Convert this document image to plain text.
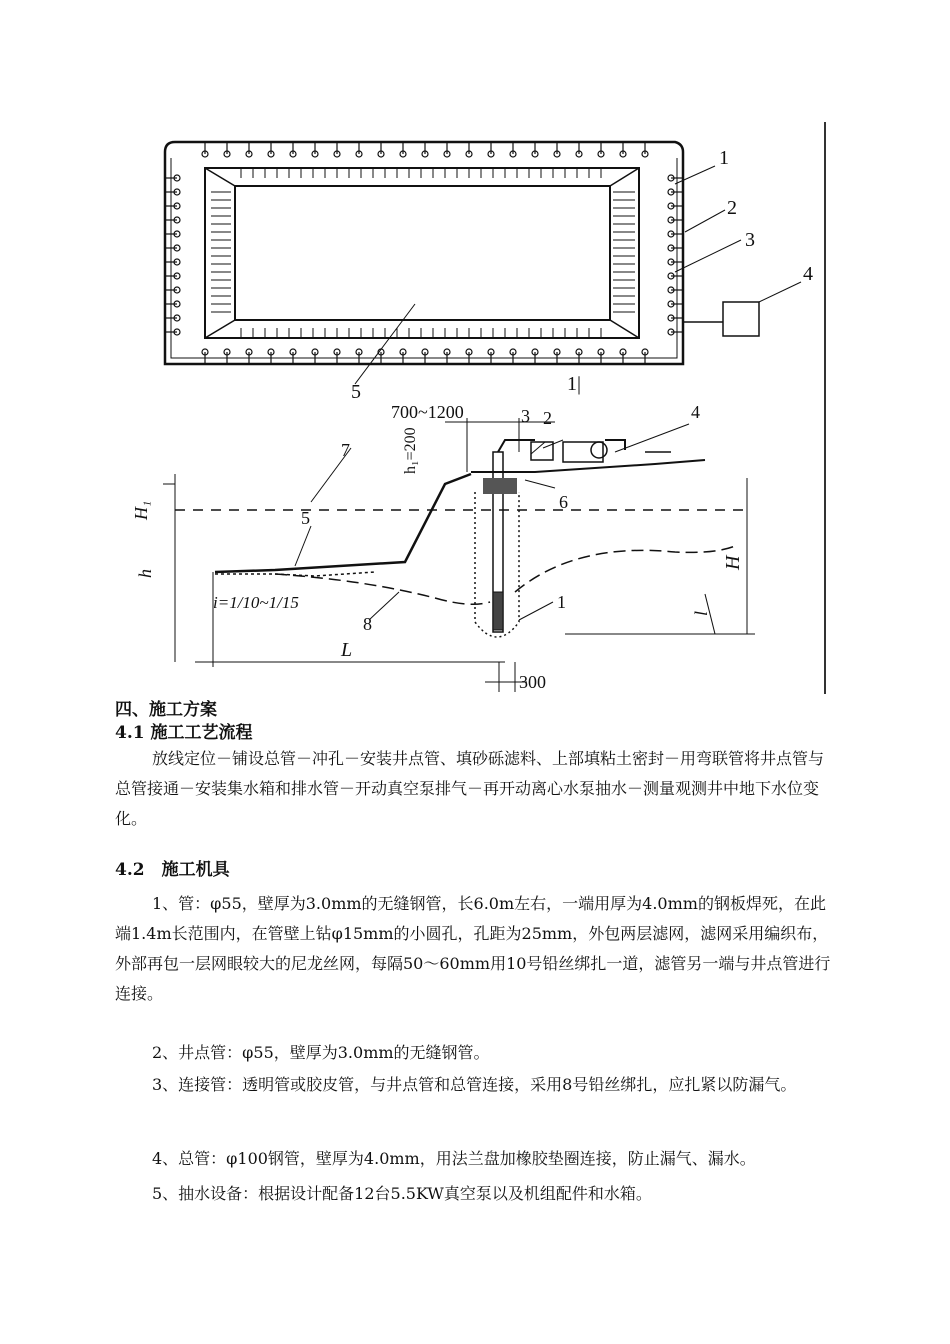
1
2
3
4
5	1|
700~1200
h₁=200
3 2	4
7
5
6
1
8
H₁
h
H
l
L
i=1/10~1/15
300
四、施工方案
4.1 施工工艺流程
放线定位－铺设总管－冲孔－安装井点管、填砂砾滤料、上部填粘土密封－用弯联管将井点管与总管接通－安装集水箱和排水管－开动真空泵排气－再开动离心水泵抽水－测量观测井中地下水位变化。
4.2　施工机具
1、管：φ55，壁厚为3.0mm的无缝钢管，长6.0m左右，一端用厚为4.0mm的钢板焊死，在此端1.4m长范围内，在管壁上钻φ15mm的小圆孔，孔距为25mm，外包两层滤网，滤网采用编织布，外部再包一层网眼较大的尼龙丝网，每隔50～60mm用10号铅丝绑扎一道，滤管另一端与井点管进行连接。
2、井点管：φ55，壁厚为3.0mm的无缝钢管。
3、连接管：透明管或胶皮管，与井点管和总管连接，采用8号铅丝绑扎，应扎紧以防漏气。
4、总管：φ100钢管，壁厚为4.0mm，用法兰盘加橡胶垫圈连接，防止漏气、漏水。
5、抽水设备：根据设计配备12台5.5KW真空泵以及机组配件和水箱。
